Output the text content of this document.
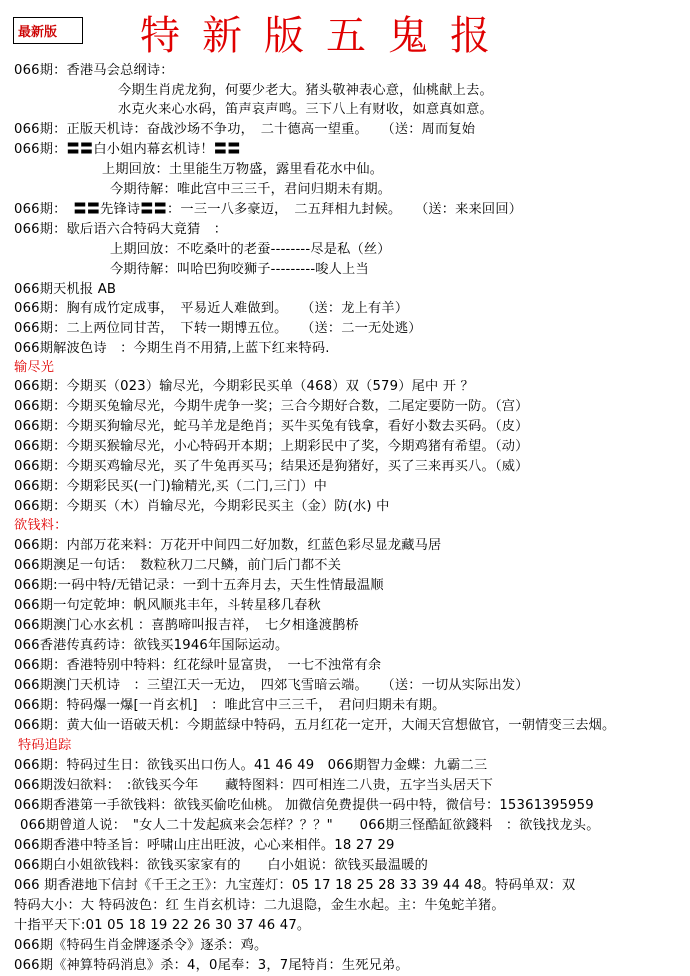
最新版 特新版五鬼报
066期：香港马会总纲诗：
今期生肖虎龙狗，何要少老大。猪头敬神表心意，仙桃献上去。
水克火来心水码，笛声哀声鸣。三下八上有财收，如意真如意。
066期：正版天机诗：奋战沙场不争功，　二十德高一望重。　　（送：周而复始
066期：〓〓白小姐内幕玄机诗！〓〓
上期回放：土里能生万物盛，露里看花水中仙。
今期待解：唯此宫中三三千，君问归期未有期。
066期：　〓〓先锋诗〓〓：一三一八多豪迈，　二五拜相九封候。　　（送：来来回回）
066期：歇后语六合特码大竟猜　：
上期回放：不吃桑叶的老蚕--------尽是私（丝）
今期待解：叫哈巴狗咬狮子---------唆人上当
066期天机报 AB
066期：胸有成竹定成事，　平易近人难做到。　　（送：龙上有羊）
066期：二上两位同甘苦，　下转一期博五位。　　（送：二一无处逃）
066期解波色诗　：今期生肖不用猜,上蓝下红来特码.
输尽光
066期：今期买（023）输尽光，今期彩民买单（468）双（579）尾中 开 ？
066期：今期买兔输尽光，今期牛虎争一奖；三合今期好合数，二尾定要防一防。（宫）
066期：今期买狗输尽光，蛇马羊龙是绝肖；买牛买兔有钱拿，看好小数去买码。（皮）
066期：今期买猴输尽光，小心特码开本期；上期彩民中了奖，今期鸡猪有希望。（动）
066期：今期买鸡输尽光，买了牛兔再买马；结果还是狗猪好，买了三来再买八。（威）
066期：今期彩民买(一门)输精光,买（二门,三门）中
066期：今期买（木）肖输尽光，今期彩民买主（金）防(水) 中
欲钱料：
066期：内部万花来料：万花开中间四二好加数，红蓝色彩尽显龙藏马居
066期澳足一句话：　数粒秋刀二尺鳞，前门后门都不关
066期:一码中特/无错记录：一到十五奔月去，天生性情最温顺
066期一句定乾坤：帆风顺兆丰年，斗转星移几春秋
066期澳门心水玄机 ：喜鹊啼叫报吉祥，　七夕相逢渡鹊桥
066香港传真药诗：欲钱买1946年国际运动。
066期：香港特别中特料：红花绿叶显富贵，　一七不浊常有余
066期澳门天机诗　：三望江天一无边，　四郊飞雪暗云端。　　（送：一切从实际出发）
066期：特码爆一爆[一肖玄机]　：唯此宫中三三千，　君问归期未有期。
066期：黄大仙一语破天机：今期蓝绿中特码，五月红花一定开，大闹天宫想做官，一朝情变三去烟。
特码追踪
066期：特码过生日：欲钱买出口伤人。41 46 49　066期智力金蝶：九霸二三
066期泼妇欲料：　:欲钱买今年　　藏特图料：四可相连二八贵，五字当头居天下
066期香港第一手欲钱料：欲钱买偷吃仙桃。 加微信免费提供一码中特，微信号：15361395959
066期曾道人说：　"女人二十发起疯来会怎样？？？"　　066期三怪酷缸欲錢料　：欲钱找龙头。
066期香港中特圣旨：呼啸山庄出旺波，心心来相伴。18 27 29
066期白小姐欲钱料：欲钱买家家有的　　白小姐说：欲钱买最温暖的
066 期香港地下信封《千王之王》：九宝莲灯：05 17 18 25 28 33 39 44 48。特码单双：双
特码大小：大 特码波色：红 生肖玄机诗：二九退隐，金生水起。主：牛兔蛇羊猪。
十指平天下:01 05 18 19 22 26 30 37 46 47。
066期《特码生肖金牌逐杀令》逐杀：鸡。
066期《神算特码消息》杀：4，0尾奉：3，7尾特肖：生死兄弟。
